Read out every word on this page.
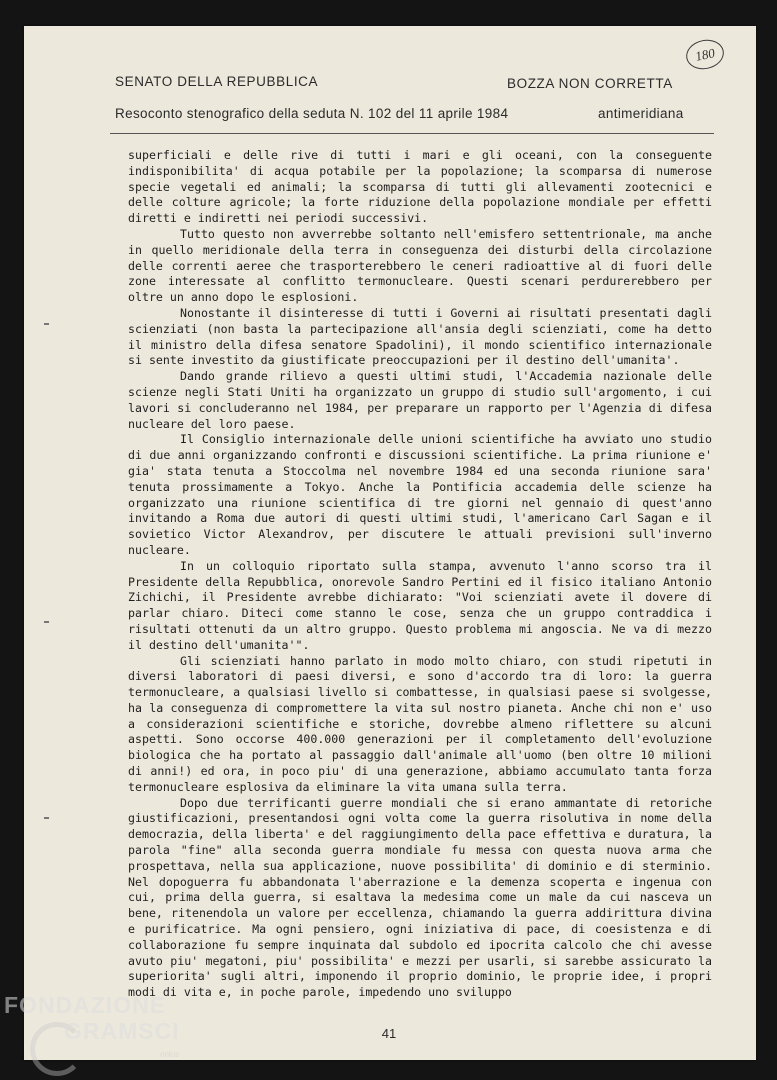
SENATO DELLA REPUBBLICA	BOZZA NON CORRETTA
180
Resoconto stenografico della seduta N. 102 del 11 aprile 1984	antimeridiana

superficiali e delle rive di tutti i mari e gli oceani, con la conseguente indisponibilita' di acqua potabile per la popolazione; la scomparsa di numerose specie vegetali ed animali; la scomparsa di tutti gli allevamenti zootecnici e delle colture agricole; la forte riduzione della popolazione mondiale per effetti diretti e indiretti nei periodi successivi.

Tutto questo non avverrebbe soltanto nell'emisfero settentrionale, ma anche in quello meridionale della terra in conseguenza dei disturbi della circolazione delle correnti aeree che trasporterebbero le ceneri radioattive al di fuori delle zone interessate al conflitto termonucleare. Questi scenari perdurerebbero per oltre un anno dopo le esplosioni.

Nonostante il disinteresse di tutti i Governi ai risultati presentati dagli scienziati (non basta la partecipazione all'ansia degli scienziati, come ha detto il ministro della difesa senatore Spadolini), il mondo scientifico internazionale si sente investito da giustificate preoccupazioni per il destino dell'umanita'.

Dando grande rilievo a questi ultimi studi, l'Accademia nazionale delle scienze negli Stati Uniti ha organizzato un gruppo di studio sull'argomento, i cui lavori si concluderanno nel 1984, per preparare un rapporto per l'Agenzia di difesa nucleare del loro paese.

Il Consiglio internazionale delle unioni scientifiche ha avviato uno studio di due anni organizzando confronti e discussioni scientifiche. La prima riunione e' gia' stata tenuta a Stoccolma nel novembre 1984 ed una seconda riunione sara' tenuta prossimamente a Tokyo. Anche la Pontificia accademia delle scienze ha organizzato una riunione scientifica di tre giorni nel gennaio di quest'anno invitando a Roma due autori di questi ultimi studi, l'americano Carl Sagan e il sovietico Victor Alexandrov, per discutere le attuali previsioni sull'inverno nucleare.

In un colloquio riportato sulla stampa, avvenuto l'anno scorso tra il Presidente della Repubblica, onorevole Sandro Pertini ed il fisico italiano Antonio Zichichi, il Presidente avrebbe dichiarato: "Voi scienziati avete il dovere di parlar chiaro. Diteci come stanno le cose, senza che un gruppo contraddica i risultati ottenuti da un altro gruppo. Questo problema mi angoscia. Ne va di mezzo il destino dell'umanita'".

Gli scienziati hanno parlato in modo molto chiaro, con studi ripetuti in diversi laboratori di paesi diversi, e sono d'accordo tra di loro: la guerra termonucleare, a qualsiasi livello si combattesse, in qualsiasi paese si svolgesse, ha la conseguenza di compromettere la vita sul nostro pianeta. Anche chi non e' uso a considerazioni scientifiche e storiche, dovrebbe almeno riflettere su alcuni aspetti. Sono occorse 400.000 generazioni per il completamento dell'evoluzione biologica che ha portato al passaggio dall'animale all'uomo (ben oltre 10 milioni di anni!) ed ora, in poco piu' di una generazione, abbiamo accumulato tanta forza termonucleare esplosiva da eliminare la vita umana sulla terra.

Dopo due terrificanti guerre mondiali che si erano ammantate di retoriche giustificazioni, presentandosi ogni volta come la guerra risolutiva in nome della democrazia, della liberta' e del raggiungimento della pace effettiva e duratura, la parola "fine" alla seconda guerra mondiale fu messa con questa nuova arma che prospettava, nella sua applicazione, nuove possibilita' di dominio e di sterminio. Nel dopoguerra fu abbandonata l'aberrazione e la demenza scoperta e ingenua con cui, prima della guerra, si esaltava la medesima come un male da cui nasceva un bene, ritenendola un valore per eccellenza, chiamando la guerra addirittura divina e purificatrice. Ma ogni pensiero, ogni iniziativa di pace, di coesistenza e di collaborazione fu sempre inquinata dal subdolo ed ipocrita calcolo che chi avesse avuto piu' megatoni, piu' possibilita' e mezzi per usarli, si sarebbe assicurato la superiorita' sugli altri, imponendo il proprio dominio, le proprie idee, i propri modi di vita e, in poche parole, impedendo uno sviluppo

41
FONDAZIONE
GRAMSCI
onlus
